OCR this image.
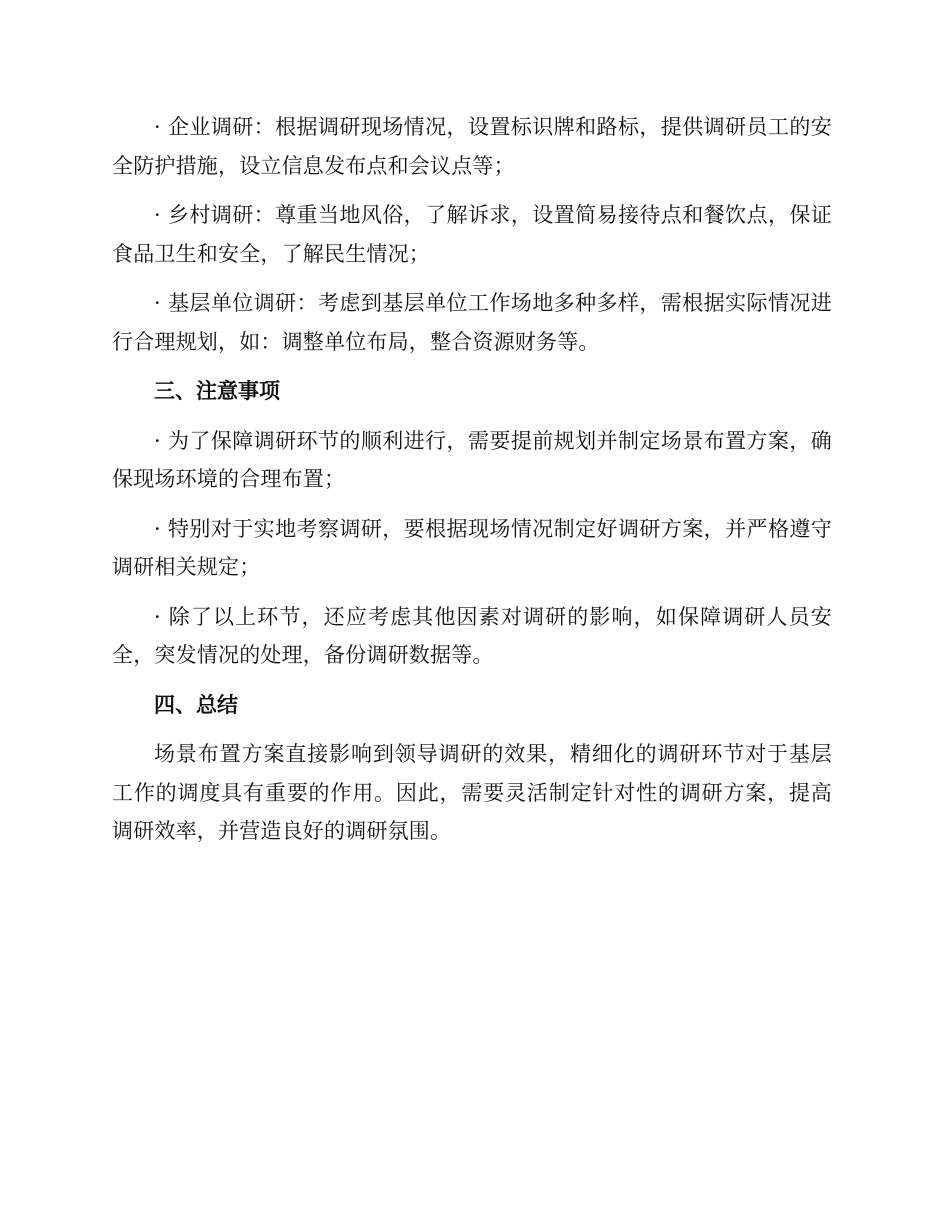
· 企业调研：根据调研现场情况，设置标识牌和路标，提供调研员工的安全防护措施，设立信息发布点和会议点等；

· 乡村调研：尊重当地风俗，了解诉求，设置简易接待点和餐饮点，保证食品卫生和安全，了解民生情况；

· 基层单位调研：考虑到基层单位工作场地多种多样，需根据实际情况进行合理规划，如：调整单位布局，整合资源财务等。

三、注意事项

· 为了保障调研环节的顺利进行，需要提前规划并制定场景布置方案，确保现场环境的合理布置；

· 特别对于实地考察调研，要根据现场情况制定好调研方案，并严格遵守调研相关规定；

· 除了以上环节，还应考虑其他因素对调研的影响，如保障调研人员安全，突发情况的处理，备份调研数据等。

四、总结

场景布置方案直接影响到领导调研的效果，精细化的调研环节对于基层工作的调度具有重要的作用。因此，需要灵活制定针对性的调研方案，提高调研效率，并营造良好的调研氛围。
